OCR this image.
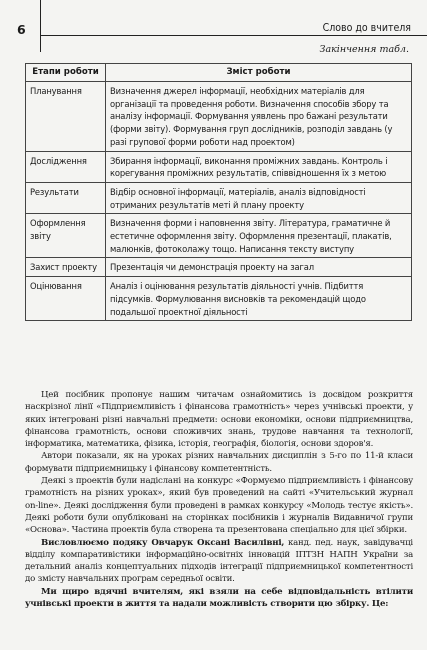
6	Слово до вчителя
Закінчення табл.
Етапи роботи	Зміст роботи
Планування	Визначення джерел інформації, необхідних матеріалів для організації та проведення роботи. Визначення способів збору та аналізу інформації. Формування уявлень про бажані результати (форми звіту). Формування груп дослідників, розподіл завдань (у разі групової форми роботи над проектом)
Дослідження	Збирання інформації, виконання проміжних завдань. Контроль і корегування проміжних результатів, співвідношення їх з метою
Результати	Відбір основної інформації, матеріалів, аналіз відповідності отриманих результатів меті й плану проекту
Оформлення звіту	Визначення форми і наповнення звіту. Література, граматичне й естетичне оформлення звіту. Оформлення презентації, плакатів, малюнків, фотоколажу тощо. Написання тексту виступу
Захист проекту	Презентація чи демонстрація проекту на загал
Оцінювання	Аналіз і оцінювання результатів діяльності учнів. Підбиття підсумків. Формулювання висновків та рекомендацій щодо подальшої проектної діяльності

Цей посібник пропонує нашим читачам ознайомитись із досвідом розкриття наскрізної лінії «Підприємливість і фінансова грамотність» через учнівські проекти, у яких інтегровані різні навчальні предмети: основи економіки, основи підприємництва, фінансова грамотність, основи споживчих знань, трудове навчання та технології, інформатика, математика, фізика, історія, географія, біологія, основи здоров'я.

Автори показали, як на уроках різних навчальних дисциплін з 5-го по 11-й класи формувати підприємницьку і фінансову компетентність.

Деякі з проектів були надіслані на конкурс «Формуємо підприємливість і фінансову грамотність на різних уроках», який був проведений на сайті «Учительський журнал on-line». Деякі дослідження були проведені в рамках конкурсу «Молодь тестує якість». Деякі роботи були опубліковані на сторінках посібників і журналів Видавничої групи «Основа». Частина проектів була створена та презентована спеціально для цієї збірки.

Висловлюємо подяку Овчарук Оксані Василівні, канд. пед. наук, завідувачці відділу компаративістики інформаційно-освітніх інновацій ІПТЗН НАПН України за детальний аналіз концептуальних підходів інтеграції підприємницької компетентності до змісту навчальних програм середньої освіти.

Ми щиро вдячні вчителям, які взяли на себе відповідальність втілити учнівські проекти в життя та надали можливість створити цю збірку. Це:
